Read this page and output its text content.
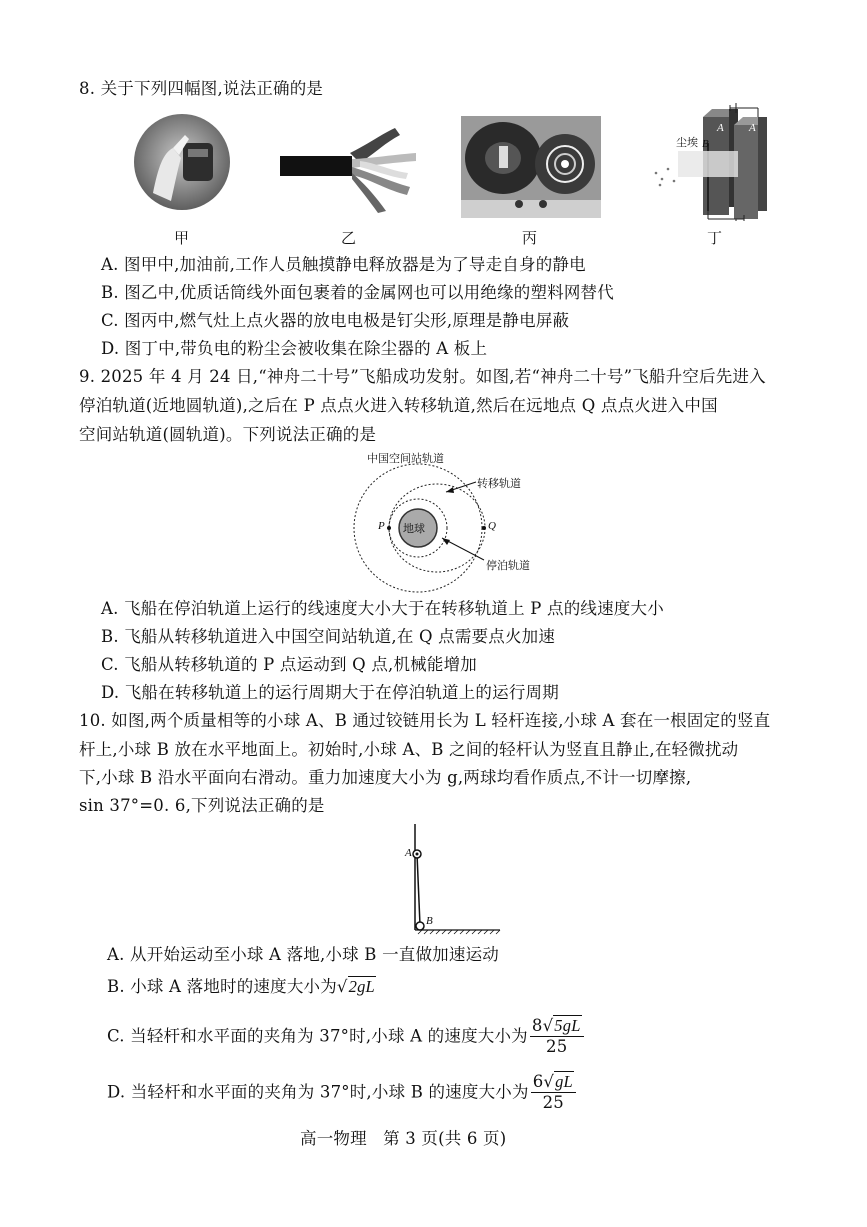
8. 关于下列四幅图,说法正确的是
甲	乙	丙
尘埃
A A
B
丁
A. 图甲中,加油前,工作人员触摸静电释放器是为了导走自身的静电
B. 图乙中,优质话筒线外面包裹着的金属网也可以用绝缘的塑料网替代
C. 图丙中,燃气灶上点火器的放电电极是钉尖形,原理是静电屏蔽
D. 图丁中,带负电的粉尘会被收集在除尘器的 A 板上
9. 2025 年 4 月 24 日,“神舟二十号”飞船成功发射。如图,若“神舟二十号”飞船升空后先进入
停泊轨道(近地圆轨道),之后在 P 点点火进入转移轨道,然后在远地点 Q 点点火进入中国
空间站轨道(圆轨道)。下列说法正确的是
中国空间站轨道
转移轨道
停泊轨道
地球
P	Q
A. 飞船在停泊轨道上运行的线速度大小大于在转移轨道上 P 点的线速度大小
B. 飞船从转移轨道进入中国空间站轨道,在 Q 点需要点火加速
C. 飞船从转移轨道的 P 点运动到 Q 点,机械能增加
D. 飞船在转移轨道上的运行周期大于在停泊轨道上的运行周期
10. 如图,两个质量相等的小球 A、B 通过铰链用长为 L 轻杆连接,小球 A 套在一根固定的竖直
杆上,小球 B 放在水平地面上。初始时,小球 A、B 之间的轻杆认为竖直且静止,在轻微扰动
下,小球 B 沿水平面向右滑动。重力加速度大小为 g,两球均看作质点,不计一切摩擦,
sin 37°=0. 6,下列说法正确的是
A
B
A. 从开始运动至小球 A 落地,小球 B 一直做加速运动
B. 小球 A 落地时的速度大小为√2gL
C. 当轻杆和水平面的夹角为 37°时,小球 A 的速度大小为 $\frac{8√5gL}{25}$
D. 当轻杆和水平面的夹角为 37°时,小球 B 的速度大小为 $\frac{6√gL}{25}$
高一物理   第 3 页(共 6 页)
